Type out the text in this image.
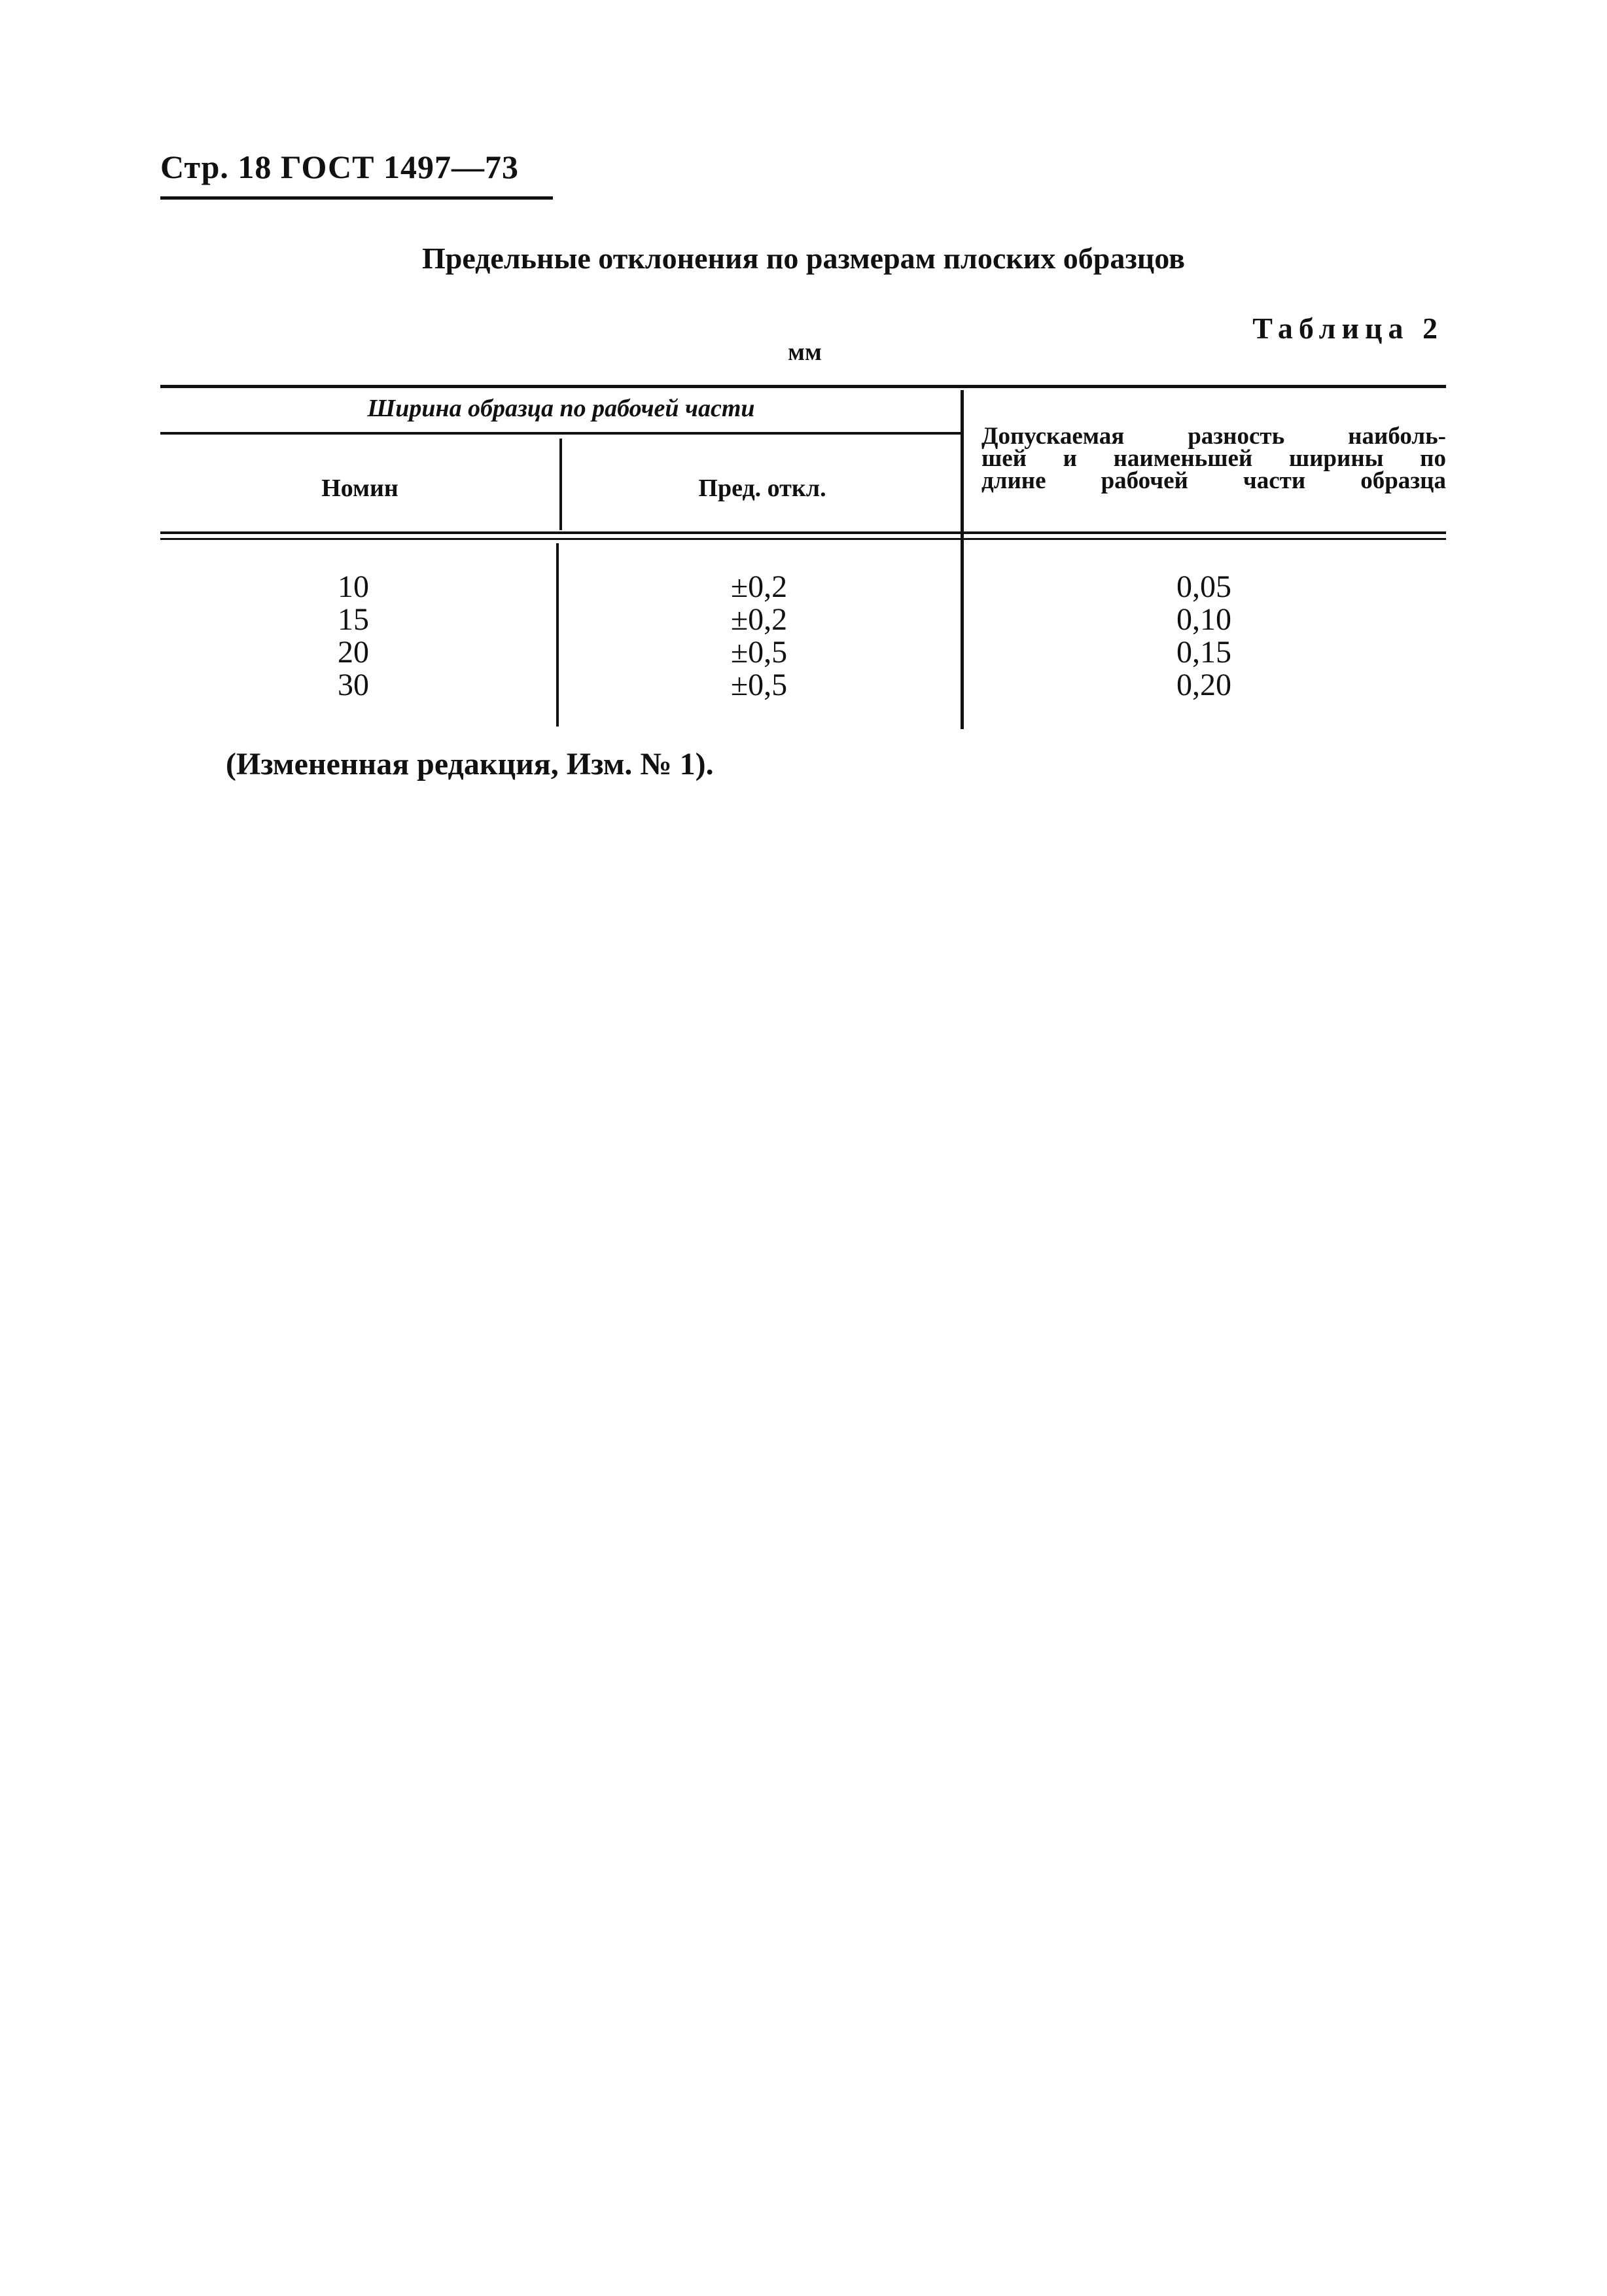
Стр. 18 ГОСТ 1497—73
Предельные отклонения по размерам плоских образцов
Таблица 2
мм
Ширина образца по рабочей части
Номин	Пред. откл.
Допускаемая разность наиболь-
шей и наименьшей ширины по
длине рабочей части образца
10	±0,2	0,05
15	±0,2	0,10
20	±0,5	0,15
30	±0,5	0,20
(Измененная редакция, Изм. № 1).
